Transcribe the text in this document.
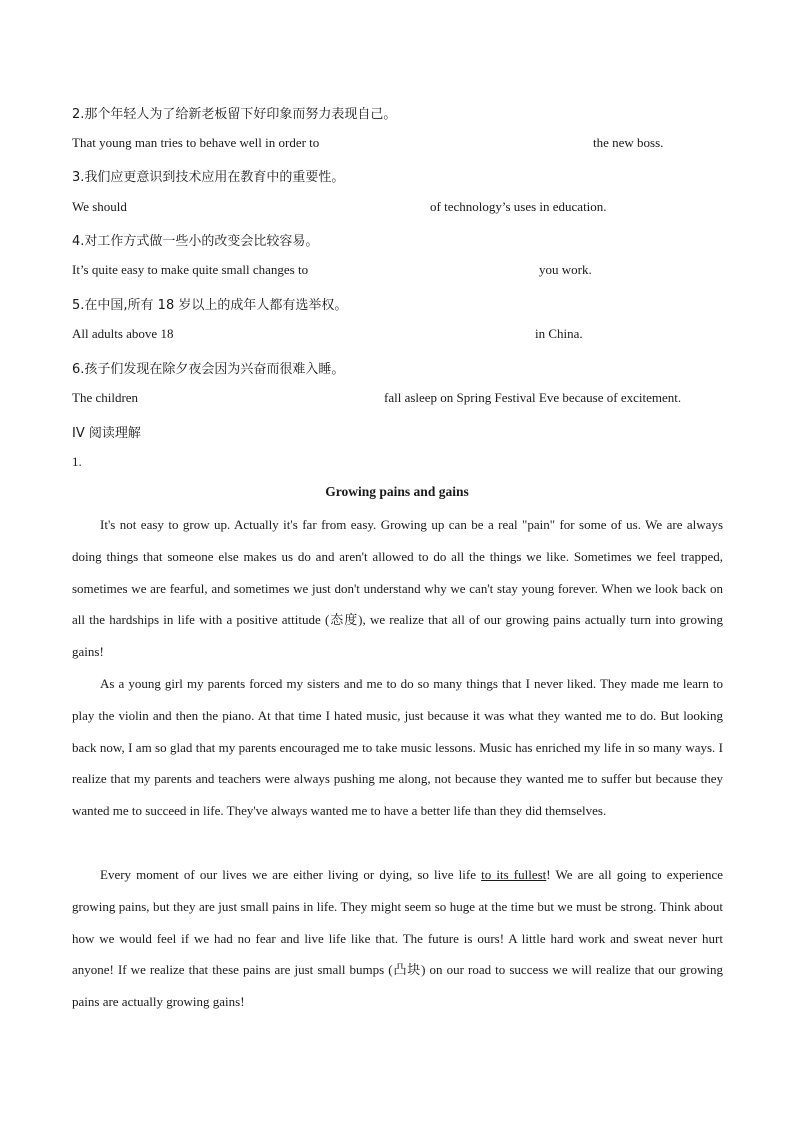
2.那个年轻人为了给新老板留下好印象而努力表现自己。
That young man tries to behave well in order to	the new boss.
3.我们应更意识到技术应用在教育中的重要性。
We should	of technology’s uses in education.
4.对工作方式做一些小的改变会比较容易。
It’s quite easy to make quite small changes to	you work.
5.在中国,所有 18 岁以上的成年人都有选举权。
All adults above 18	in China.
6.孩子们发现在除夕夜会因为兴奋而很难入睡。
The children	fall asleep on Spring Festival Eve because of excitement.
IV 阅读理解
1.
Growing pains and gains

It's not easy to grow up. Actually it's far from easy. Growing up can be a real "pain" for some of us. We are always doing things that someone else makes us do and aren't allowed to do all the things we like. Sometimes we feel trapped, sometimes we are fearful, and sometimes we just don't understand why we can't stay young forever. When we look back on all the hardships in life with a positive attitude (态度), we realize that all of our growing pains actually turn into growing gains!

As a young girl my parents forced my sisters and me to do so many things that I never liked. They made me learn to play the violin and then the piano. At that time I hated music, just because it was what they wanted me to do. But looking back now, I am so glad that my parents encouraged me to take music lessons. Music has enriched my life in so many ways. I realize that my parents and teachers were always pushing me along, not because they wanted me to suffer but because they wanted me to succeed in life. They've always wanted me to have a better life than they did themselves.

Every moment of our lives we are either living or dying, so live life to its fullest! We are all going to experience growing pains, but they are just small pains in life. They might seem so huge at the time but we must be strong. Think about how we would feel if we had no fear and live life like that. The future is ours! A little hard work and sweat never hurt anyone! If we realize that these pains are just small bumps (凸块) on our road to success we will realize that our growing pains are actually growing gains!
